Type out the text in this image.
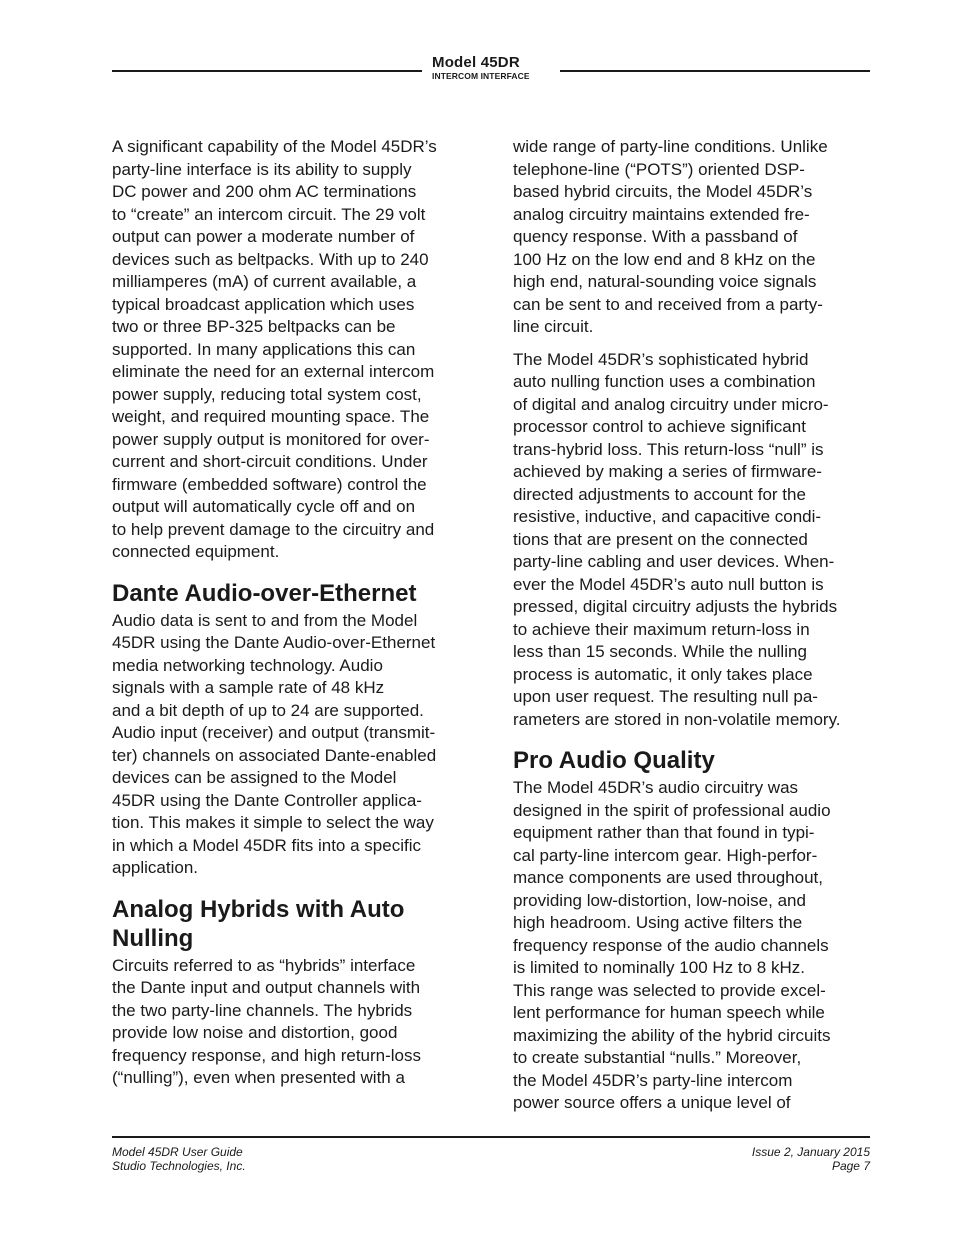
Model 45DR
INTERCOM INTERFACE

A significant capability of the Model 45DR’s
party-line interface is its ability to supply
DC power and 200 ohm AC terminations
to “create” an intercom circuit. The 29 volt
output can power a moderate number of
devices such as beltpacks. With up to 240
milliamperes (mA) of current available, a
typical broadcast application which uses
two or three BP-325 beltpacks can be
supported. In many applications this can
eliminate the need for an external intercom
power supply, reducing total system cost,
weight, and required mounting space. The
power supply output is monitored for over-
current and short-circuit conditions. Under
firmware (embedded software) control the
output will automatically cycle off and on
to help prevent damage to the circuitry and
connected equipment.

Dante Audio-over-Ethernet

Audio data is sent to and from the Model
45DR using the Dante Audio-over-Ethernet
media networking technology. Audio
signals with a sample rate of 48 kHz
and a bit depth of up to 24 are supported.
Audio input (receiver) and output (transmit-
ter) channels on associated Dante-enabled
devices can be assigned to the Model
45DR using the Dante Controller applica-
tion. This makes it simple to select the way
in which a Model 45DR fits into a specific
application.

Analog Hybrids with Auto
Nulling

Circuits referred to as “hybrids” interface
the Dante input and output channels with
the two party-line channels. The hybrids
provide low noise and distortion, good
frequency response, and high return-loss
(“nulling”), even when presented with a

wide range of party-line conditions. Unlike
telephone-line (“POTS”) oriented DSP-
based hybrid circuits, the Model 45DR’s
analog circuitry maintains extended fre-
quency response. With a passband of
100 Hz on the low end and 8 kHz on the
high end, natural-sounding voice signals
can be sent to and received from a party-
line circuit.

The Model 45DR’s sophisticated hybrid
auto nulling function uses a combination
of digital and analog circuitry under micro-
processor control to achieve significant
trans-hybrid loss. This return-loss “null” is
achieved by making a series of firmware-
directed adjustments to account for the
resistive, inductive, and capacitive condi-
tions that are present on the connected
party-line cabling and user devices. When-
ever the Model 45DR’s auto null button is
pressed, digital circuitry adjusts the hybrids
to achieve their maximum return-loss in
less than 15 seconds. While the nulling
process is automatic, it only takes place
upon user request. The resulting null pa-
rameters are stored in non-volatile memory.

Pro Audio Quality

The Model 45DR’s audio circuitry was
designed in the spirit of professional audio
equipment rather than that found in typi-
cal party-line intercom gear. High-perfor-
mance components are used throughout,
providing low-distortion, low-noise, and
high headroom. Using active filters the
frequency response of the audio channels
is limited to nominally 100 Hz to 8 kHz.
This range was selected to provide excel-
lent performance for human speech while
maximizing the ability of the hybrid circuits
to create substantial “nulls.” Moreover,
the Model 45DR’s party-line intercom
power source offers a unique level of

Model 45DR User Guide
Studio Technologies, Inc.
Issue 2, January 2015
Page 7
